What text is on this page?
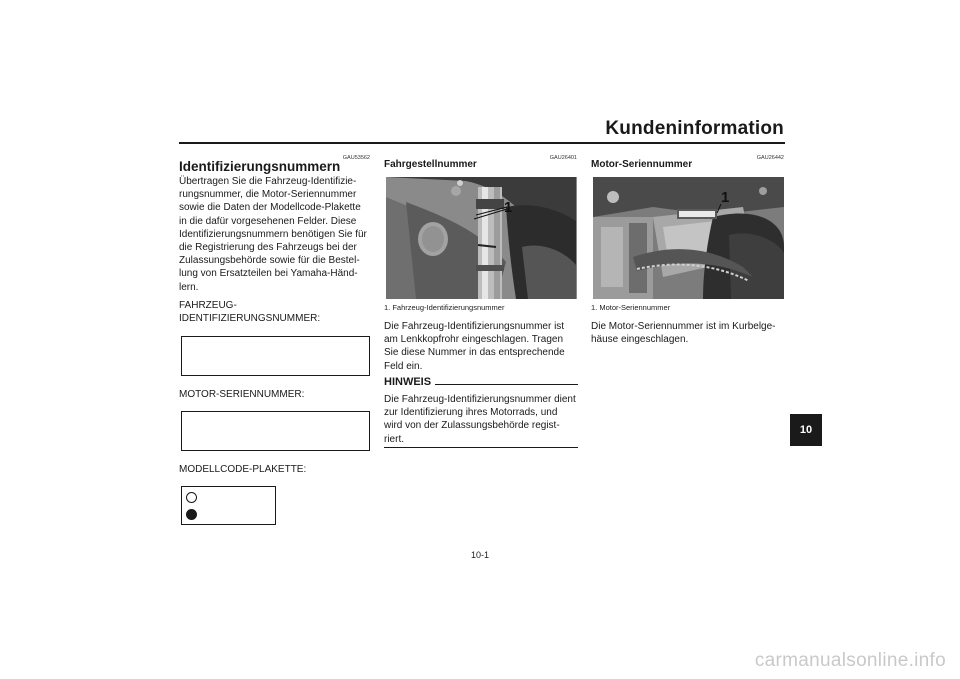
Kundeninformation
GAU53562
Identifizierungsnummern
Übertragen Sie die Fahrzeug-Identifizie-
rungsnummer, die Motor-Seriennummer
sowie die Daten der Modellcode-Plakette
in die dafür vorgesehenen Felder. Diese
Identifizierungsnummern benötigen Sie für
die Registrierung des Fahrzeugs bei der
Zulassungsbehörde sowie für die Bestel-
lung von Ersatzteilen bei Yamaha-Händ-
lern.
FAHRZEUG-
IDENTIFIZIERUNGSNUMMER:
MOTOR-SERIENNUMMER:
MODELLCODE-PLAKETTE:
GAU26401
Fahrgestellnummer
1
1. Fahrzeug-Identifizierungsnummer
Die Fahrzeug-Identifizierungsnummer ist
am Lenkkopfrohr eingeschlagen. Tragen
Sie diese Nummer in das entsprechende
Feld ein.
HINWEIS
Die Fahrzeug-Identifizierungsnummer dient
zur Identifizierung ihres Motorrads, und
wird von der Zulassungsbehörde regist-
riert.
GAU26442
Motor-Seriennummer
1
1. Motor-Seriennummer
Die Motor-Seriennummer ist im Kurbelge-
häuse eingeschlagen.
10
10-1
carmanualsonline.info
